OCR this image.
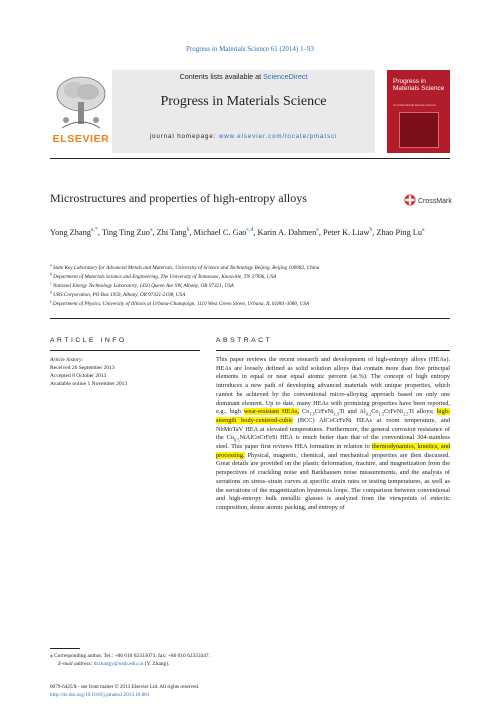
Progress in Materials Science 61 (2014) 1–93
ELSEVIER
Contents lists available at ScienceDirect
Progress in Materials Science
journal homepage: www.elsevier.com/locate/pmatsci
Progress in Materials Science
An International Review Journal
Microstructures and properties of high-entropy alloys	CrossMark
Yong Zhang$^{a,*}$, Ting Ting Zuo$^a$, Zhi Tang$^b$, Michael C. Gao$^{c,d}$, Karin A. Dahmen$^e$, Peter K. Liaw$^b$, Zhao Ping Lu$^a$
$^a$ State Key Laboratory for Advanced Metals and Materials, University of Science and Technology Beijing, Beijing 100083, China
$^b$ Department of Materials Science and Engineering, The University of Tennessee, Knoxville, TN 37996, USA
$^c$ National Energy Technology Laboratory, 1450 Queen Ave SW, Albany, OR 97321, USA
$^d$ URS Corporation, PO Box 1959, Albany, OR 97321-2198, USA
$^e$ Department of Physics, University of Illinois at Urbana-Champaign, 1110 West Green Street, Urbana, IL 61801-3080, USA
ARTICLE INFO
Article history:
Received 26 September 2013
Accepted 8 October 2013
Available online 1 November 2013
ABSTRACT
This paper reviews the recent research and development of high-entropy alloys (HEAs). HEAs are loosely defined as solid solution alloys that contain more than five principal elements in equal or near equal atomic percent (at.%). The concept of high entropy introduces a new path of developing advanced materials with unique properties, which cannot be achieved by the conventional micro-alloying approach based on only one dominant element. Up to date, many HEAs with promising properties have been reported, e.g., high wear-resistant HEAs, $Co_{1.5}CrFeNi_{1.5}Ti$ and $Al_{0.2}Co_{1.5}CrFeNi_{1.5}Ti$ alloys; high-strength body-centered-cubic (BCC) AlCoCrFeNi HEAs at room temperature, and NbMoTaV HEA at elevated temperatures. Furthermore, the general corrosion resistance of the $Cu_{0.5}NiAlCoCrFeSi$ HEA is much better than that of the conventional 304-stainless steel. This paper first reviews HEA formation in relation to thermodynamics, kinetics, and processing. Physical, magnetic, chemical, and mechanical properties are then discussed. Great details are provided on the plastic deformation, fracture, and magnetization from the perspectives of crackling noise and Barkhausen noise measurements, and the analysis of serrations on stress–strain curves at specific strain rates or testing temperatures, as well as the serrations of the magnetization hysteresis loops. The comparison between conventional and high-entropy bulk metallic glasses is analyzed from the viewpoints of eutectic composition, dense atomic packing, and entropy of
⁎ Corresponding author. Tel.: +86 010 62333073; fax: +86 010 62333447.
E-mail address: drzhangy@ustb.edu.cn (Y. Zhang).
0079-6425/$ - see front matter © 2013 Elsevier Ltd. All rights reserved.
http://dx.doi.org/10.1016/j.pmatsci.2013.10.001
